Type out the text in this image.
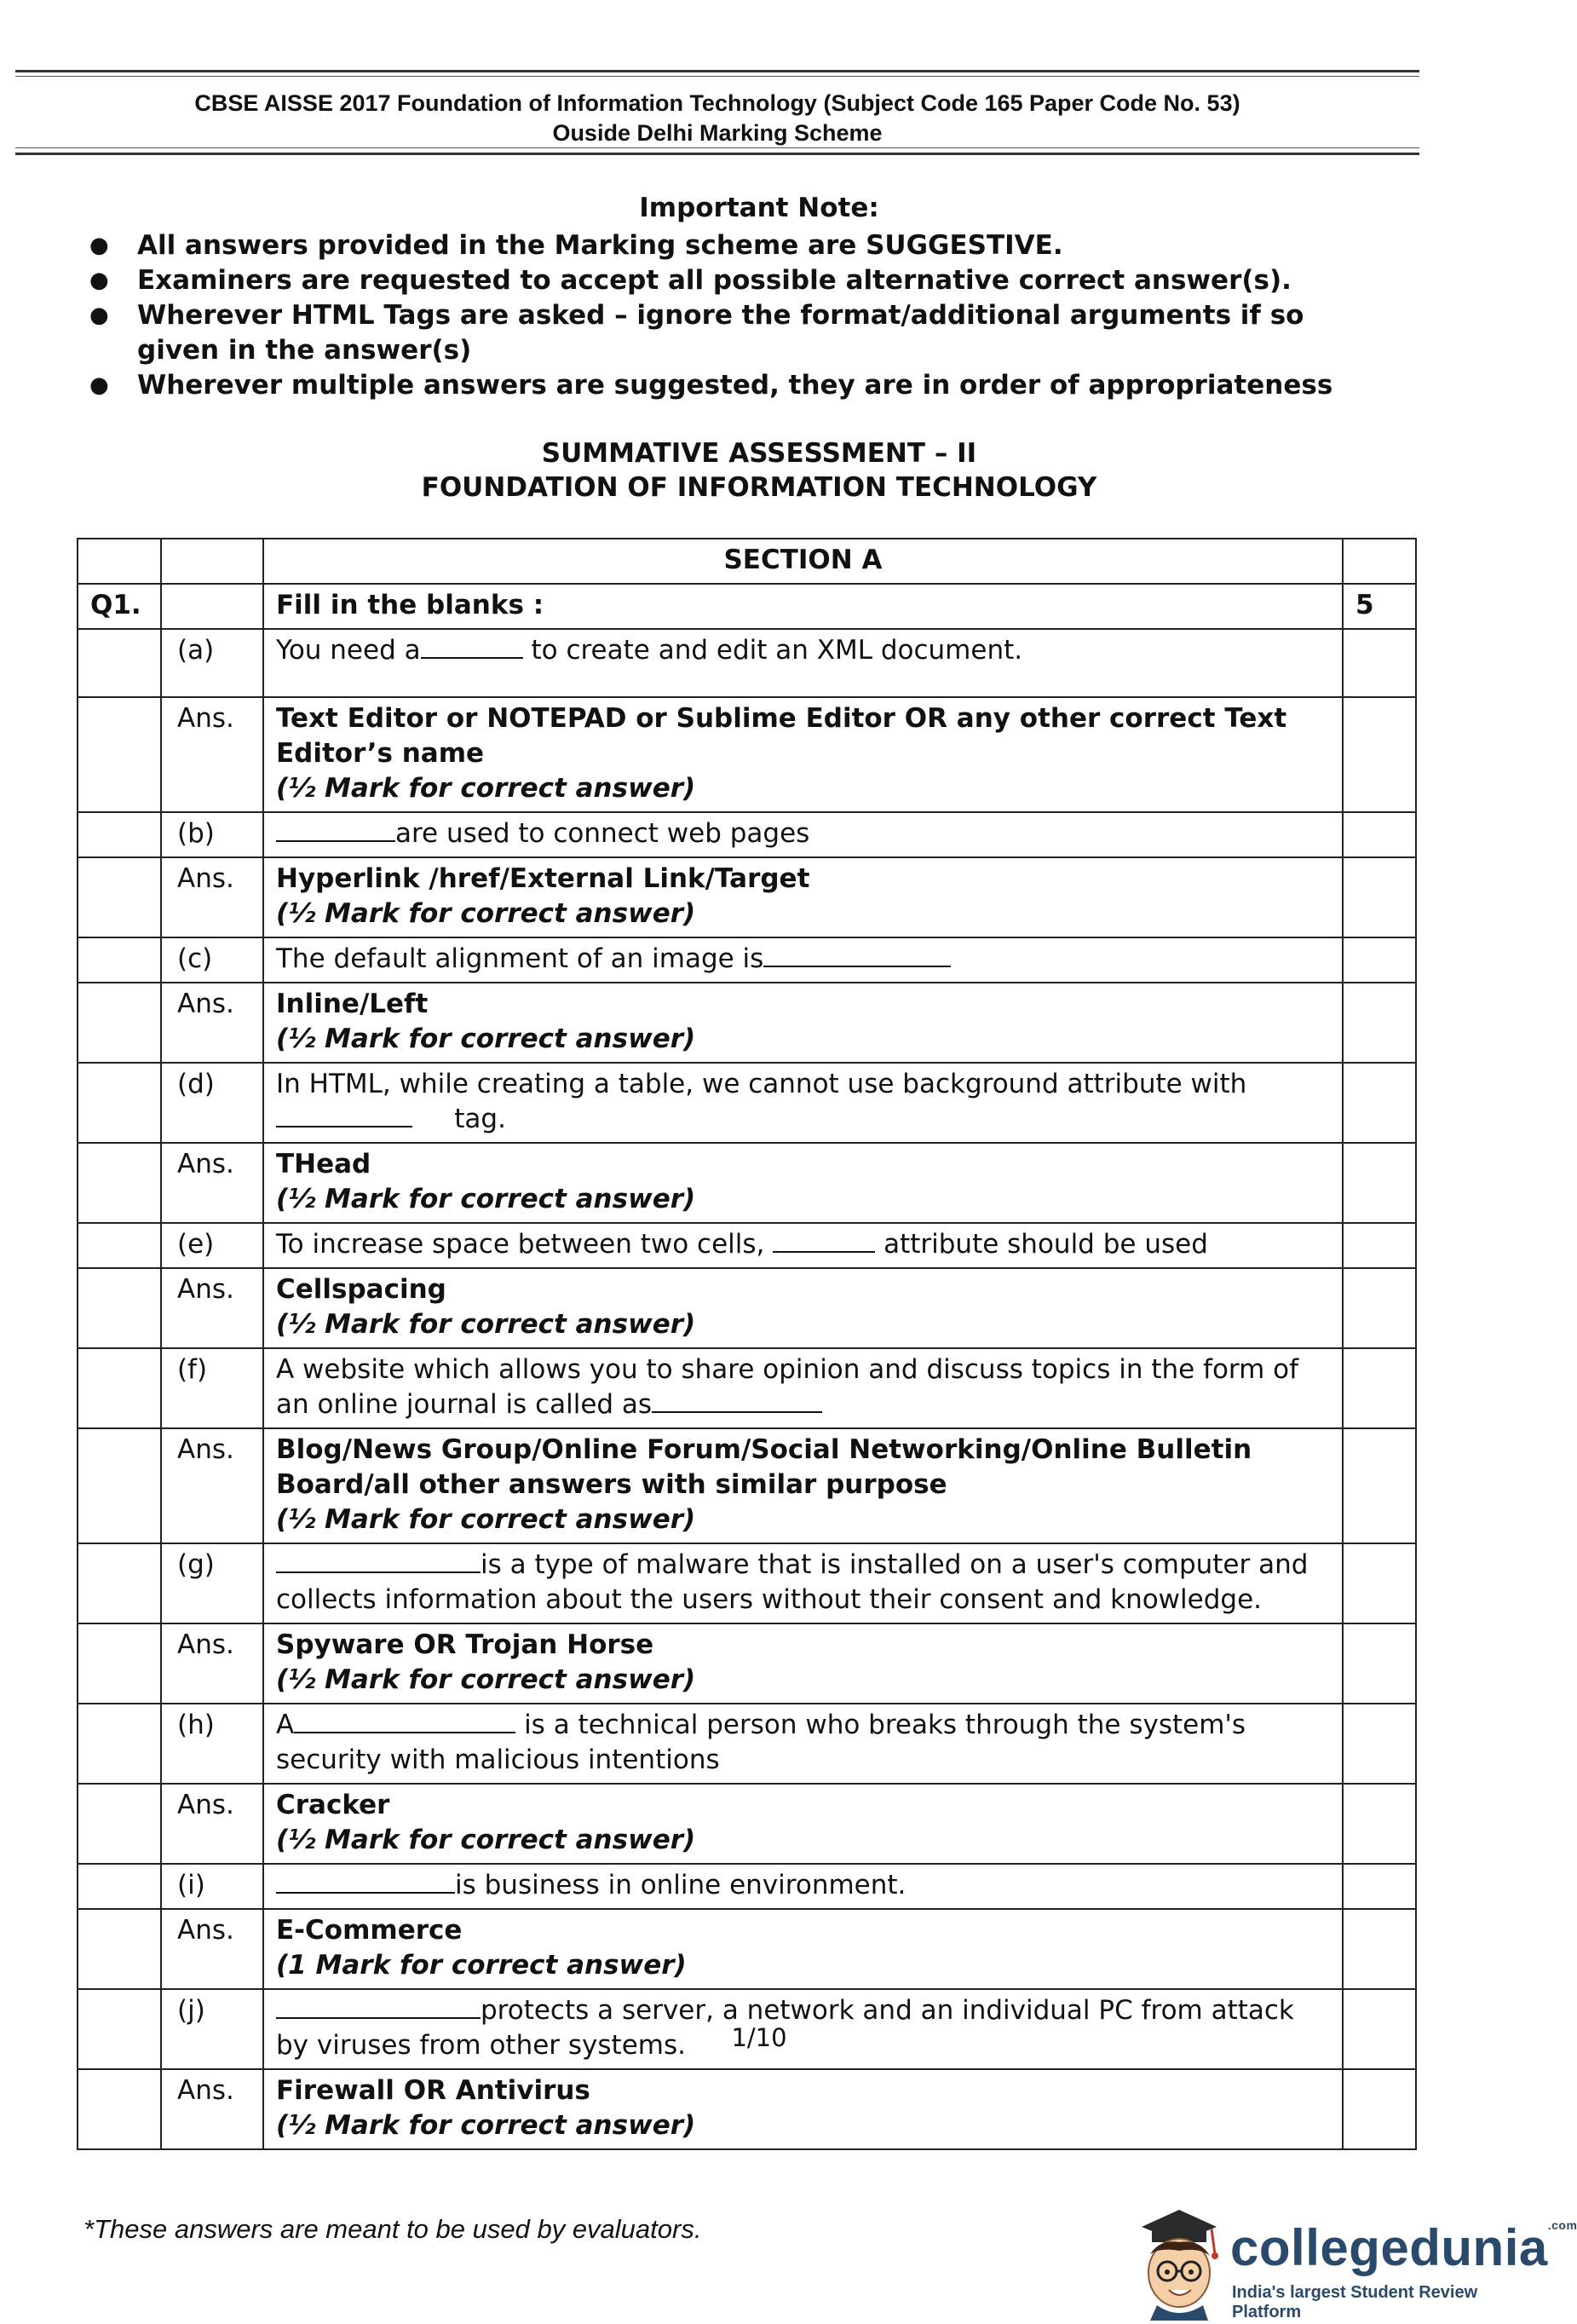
CBSE AISSE 2017 Foundation of Information Technology (Subject Code 165 Paper Code No. 53)
Ouside Delhi Marking Scheme
Important Note:
● All answers provided in the Marking scheme are SUGGESTIVE.
● Examiners are requested to accept all possible alternative correct answer(s).
● Wherever HTML Tags are asked – ignore the format/additional arguments if so given in the answer(s)
● Wherever multiple answers are suggested, they are in order of appropriateness
SUMMATIVE ASSESSMENT – II
FOUNDATION OF INFORMATION TECHNOLOGY
		SECTION A	
Q1.		Fill in the blanks :	5
	(a)	You need a to create and edit an XML document.	
	Ans.	Text Editor or NOTEPAD or Sublime Editor OR any other correct Text Editor’s name
(½ Mark for correct answer)	

	(b)	are used to connect web pages	
	Ans.	Hyperlink /href/External Link/Target
(½ Mark for correct answer)	

	(c)	The default alignment of an image is	
	Ans.	Inline/Left
(½ Mark for correct answer)	

	(d)	In HTML, while creating a table, we cannot use background attribute with     tag.	
	Ans.	THead
(½ Mark for correct answer)	

	(e)	To increase space between two cells, attribute should be used	
	Ans.	Cellspacing
(½ Mark for correct answer)	

	(f)	A website which allows you to share opinion and discuss topics in the form of an online journal is called as	
	Ans.	Blog/News Group/Online Forum/Social Networking/Online Bulletin Board/all other answers with similar purpose
(½ Mark for correct answer)	

	(g)	is a type of malware that is installed on a user's computer and collects information about the users without their consent and knowledge.	
	Ans.	Spyware OR Trojan Horse
(½ Mark for correct answer)	

	(h)	A is a technical person who breaks through the system's security with malicious intentions	
	Ans.	Cracker
(½ Mark for correct answer)	

	(i)	is business in online environment.	
	Ans.	E-Commerce
(1 Mark for correct answer)	

	(j)	protects a server, a network and an individual PC from attack by viruses from other systems.	
	Ans.	Firewall OR Antivirus
(½ Mark for correct answer)	

1/10
*These answers are meant to be used by evaluators.	collegedunia$^{.com}$
India's largest Student Review Platform
